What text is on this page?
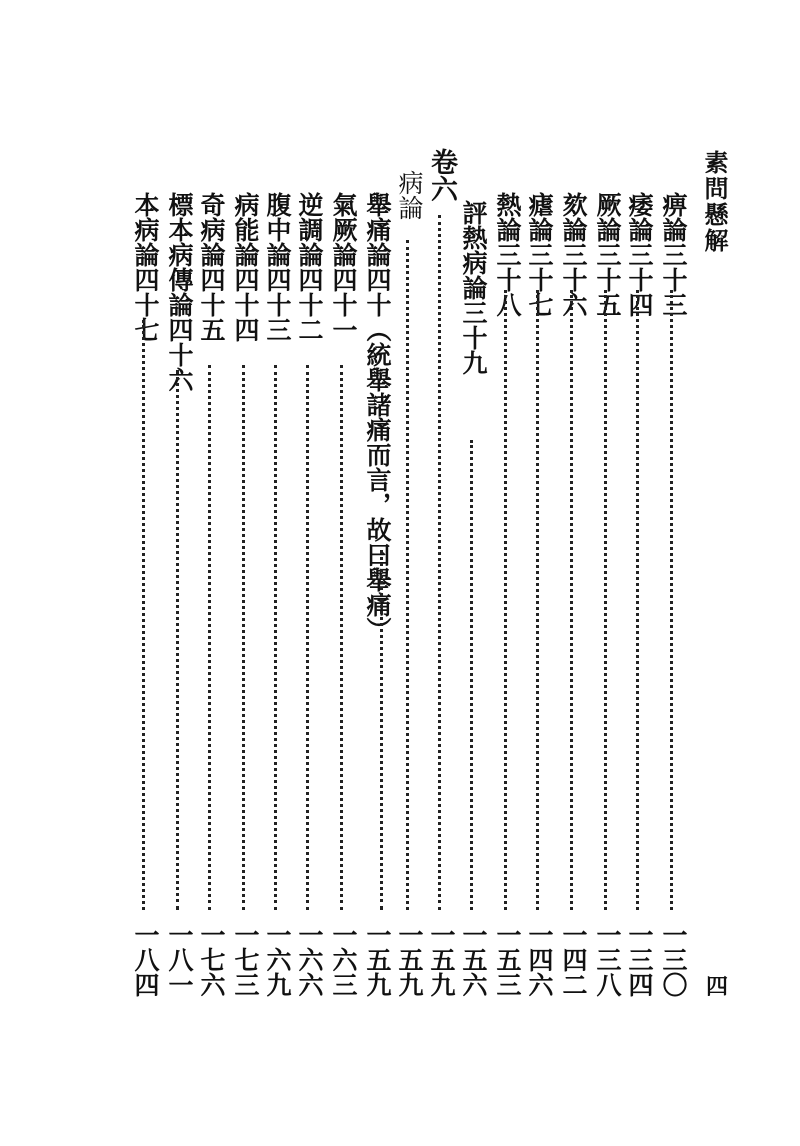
素問懸解
四
痹論三十三
一三〇
痿論三十四
一三四
厥論三十五
一三八
欬論三十六
一四二
瘧論三十七
一四六
熱論三十八
一五三
評熱病論三十九
一五六
卷六
一五九
病論
一五九
舉痛論四十（統舉諸痛而言，故曰舉痛）
一五九
氣厥論四十一
一六三
逆調論四十二
一六六
腹中論四十三
一六九
病能論四十四
一七三
奇病論四十五
一七六
標本病傳論四十六
一八一
本病論四十七
一八四
